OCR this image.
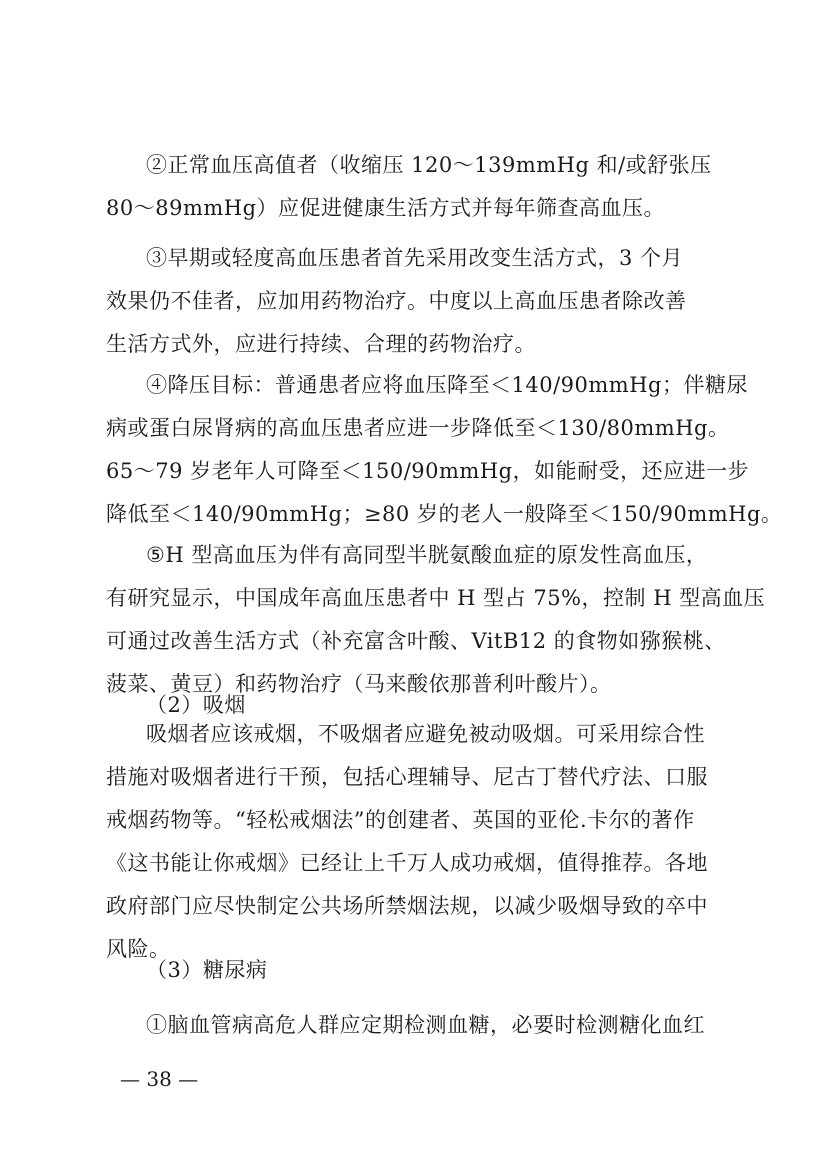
②正常血压高值者（收缩压 120～139mmHg 和/或舒张压
80～89mmHg）应促进健康生活方式并每年筛查高血压。
③早期或轻度高血压患者首先采用改变生活方式，3 个月
效果仍不佳者，应加用药物治疗。中度以上高血压患者除改善
生活方式外，应进行持续、合理的药物治疗。
④降压目标：普通患者应将血压降至＜140/90mmHg；伴糖尿
病或蛋白尿肾病的高血压患者应进一步降低至＜130/80mmHg。
65～79 岁老年人可降至＜150/90mmHg，如能耐受，还应进一步
降低至＜140/90mmHg；≥80 岁的老人一般降至＜150/90mmHg。
⑤H 型高血压为伴有高同型半胱氨酸血症的原发性高血压，
有研究显示，中国成年高血压患者中 H 型占 75%，控制 H 型高血压
可通过改善生活方式（补充富含叶酸、VitB12 的食物如猕猴桃、
菠菜、黄豆）和药物治疗（马来酸依那普利叶酸片）。
（2）吸烟
吸烟者应该戒烟，不吸烟者应避免被动吸烟。可采用综合性
措施对吸烟者进行干预，包括心理辅导、尼古丁替代疗法、口服
戒烟药物等。“轻松戒烟法”的创建者、英国的亚伦.卡尔的著作
《这书能让你戒烟》已经让上千万人成功戒烟，值得推荐。各地
政府部门应尽快制定公共场所禁烟法规，以减少吸烟导致的卒中
风险。
（3）糖尿病
①脑血管病高危人群应定期检测血糖，必要时检测糖化血红
— 38 —
